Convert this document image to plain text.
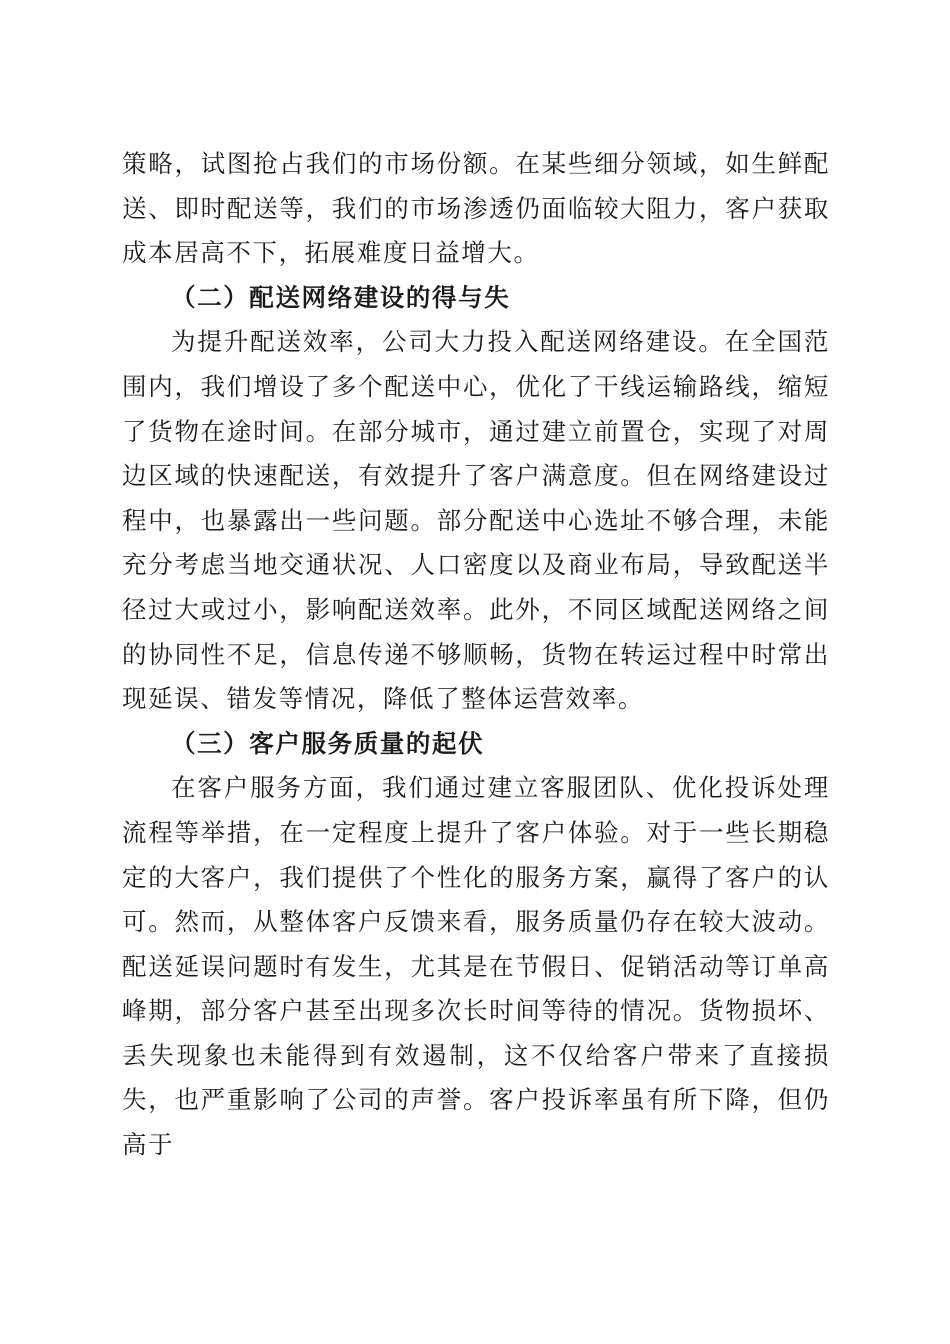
策略，试图抢占我们的市场份额。在某些细分领域，如生鲜配送、即时配送等，我们的市场渗透仍面临较大阻力，客户获取成本居高不下，拓展难度日益增大。

（二）配送网络建设的得与失

为提升配送效率，公司大力投入配送网络建设。在全国范围内，我们增设了多个配送中心，优化了干线运输路线，缩短了货物在途时间。在部分城市，通过建立前置仓，实现了对周边区域的快速配送，有效提升了客户满意度。但在网络建设过程中，也暴露出一些问题。部分配送中心选址不够合理，未能充分考虑当地交通状况、人口密度以及商业布局，导致配送半径过大或过小，影响配送效率。此外，不同区域配送网络之间的协同性不足，信息传递不够顺畅，货物在转运过程中时常出现延误、错发等情况，降低了整体运营效率。

（三）客户服务质量的起伏

在客户服务方面，我们通过建立客服团队、优化投诉处理流程等举措，在一定程度上提升了客户体验。对于一些长期稳定的大客户，我们提供了个性化的服务方案，赢得了客户的认可。然而，从整体客户反馈来看，服务质量仍存在较大波动。配送延误问题时有发生，尤其是在节假日、促销活动等订单高峰期，部分客户甚至出现多次长时间等待的情况。货物损坏、丢失现象也未能得到有效遏制，这不仅给客户带来了直接损失，也严重影响了公司的声誉。客户投诉率虽有所下降，但仍高于
